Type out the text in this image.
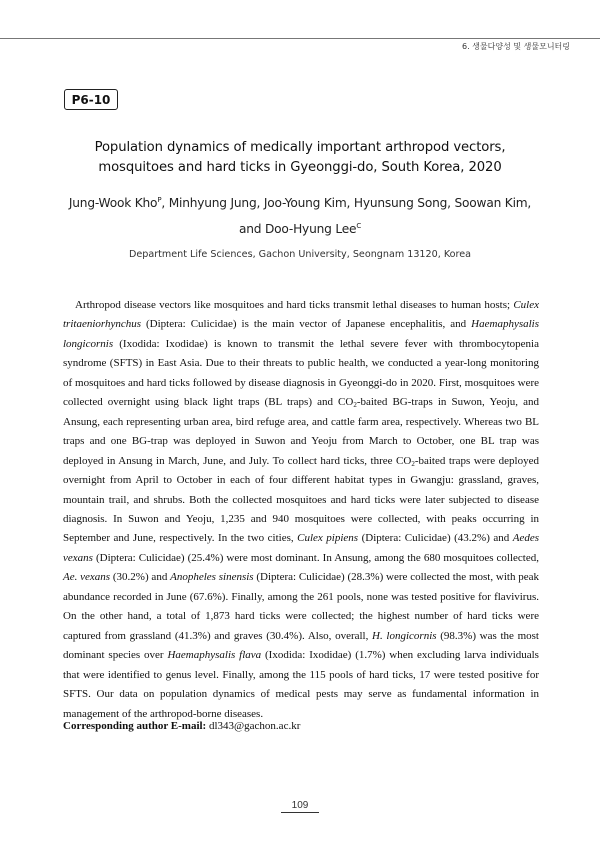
6. 생물다양성 및 생물모니터링
P6-10
Population dynamics of medically important arthropod vectors,
mosquitoes and hard ticks in Gyeonggi-do, South Korea, 2020
Jung-Wook Kho$^P$, Minhyung Jung, Joo-Young Kim, Hyunsung Song, Soowan Kim,
and Doo-Hyung Lee$^C$
Department Life Sciences, Gachon University, Seongnam 13120, Korea

Arthropod disease vectors like mosquitoes and hard ticks transmit lethal diseases to human hosts; Culex tritaeniorhynchus (Diptera: Culicidae) is the main vector of Japanese encephalitis, and Haemaphysalis longicornis (Ixodida: Ixodidae) is known to transmit the lethal severe fever with thrombocytopenia syndrome (SFTS) in East Asia. Due to their threats to public health, we conducted a year-long monitoring of mosquitoes and hard ticks followed by disease diagnosis in Gyeonggi-do in 2020. First, mosquitoes were collected overnight using black light traps (BL traps) and $CO_2$-baited BG-traps in Suwon, Yeoju, and Ansung, each representing urban area, bird refuge area, and cattle farm area, respectively. Whereas two BL traps and one BG-trap was deployed in Suwon and Yeoju from March to October, one BL trap was deployed in Ansung in March, June, and July. To collect hard ticks, three $CO_2$-baited traps were deployed overnight from April to October in each of four different habitat types in Gwangju: grassland, graves, mountain trail, and shrubs. Both the collected mosquitoes and hard ticks were later subjected to disease diagnosis. In Suwon and Yeoju, 1,235 and 940 mosquitoes were collected, with peaks occurring in September and June, respectively. In the two cities, Culex pipiens (Diptera: Culicidae) (43.2%) and Aedes vexans (Diptera: Culicidae) (25.4%) were most dominant. In Ansung, among the 680 mosquitoes collected, Ae. vexans (30.2%) and Anopheles sinensis (Diptera: Culicidae) (28.3%) were collected the most, with peak abundance recorded in June (67.6%). Finally, among the 261 pools, none was tested positive for flavivirus. On the other hand, a total of 1,873 hard ticks were collected; the highest number of hard ticks were captured from grassland (41.3%) and graves (30.4%). Also, overall, H. longicornis (98.3%) was the most dominant species over Haemaphysalis flava (Ixodida: Ixodidae) (1.7%) when excluding larva individuals that were identified to genus level. Finally, among the 115 pools of hard ticks, 17 were tested positive for SFTS. Our data on population dynamics of medical pests may serve as fundamental information in management of the arthropod-borne diseases.

Corresponding author E-mail: dl343@gachon.ac.kr
109
